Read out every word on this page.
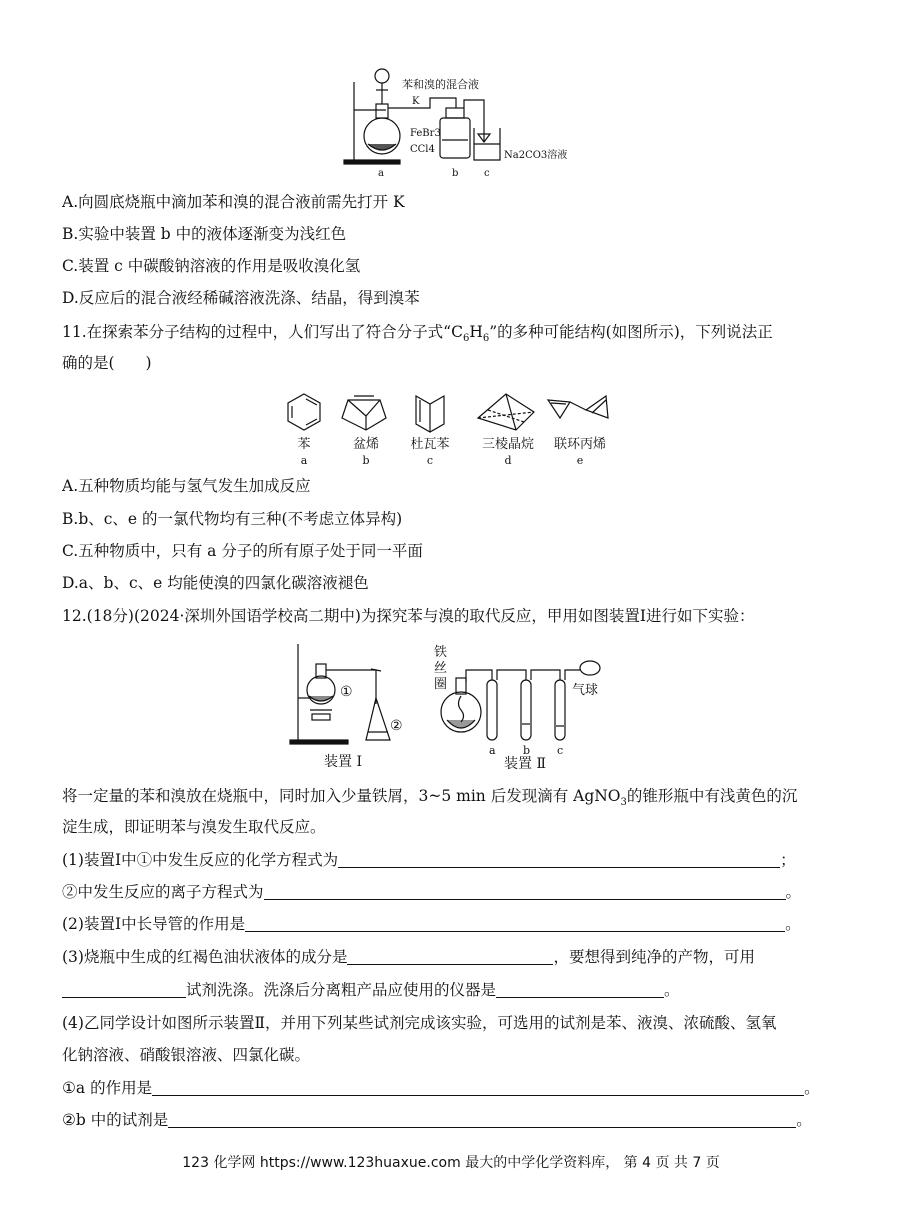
K
苯和溴的混合液
FeBr3
CCl4
Na2CO3溶液
a	b	c
A.向圆底烧瓶中滴加苯和溴的混合液前需先打开 K
B.实验中装置 b 中的液体逐渐变为浅红色
C.装置 c 中碳酸钠溶液的作用是吸收溴化氢
D.反应后的混合液经稀碱溶液洗涤、结晶，得到溴苯
11.在探索苯分子结构的过程中，人们写出了符合分子式“$C_6H_6$”的多种可能结构(如图所示)，下列说法正
确的是(　　)
苯
a
盆烯
b
杜瓦苯
c
三棱晶烷
d
联环丙烯
e
A.五种物质均能与氢气发生加成反应
B.b、c、e 的一氯代物均有三种(不考虑立体异构)
C.五种物质中，只有 a 分子的所有原子处于同一平面
D.a、b、c、e 均能使溴的四氯化碳溶液褪色
12.(18分)(2024·深圳外国语学校高二期中)为探究苯与溴的取代反应，甲用如图装置Ⅰ进行如下实验：
①
②
装置 Ⅰ
铁
丝
圈	气球
a b c
装置 Ⅱ
将一定量的苯和溴放在烧瓶中，同时加入少量铁屑，3~5 min 后发现滴有 AgNO$_3$的锥形瓶中有浅黄色的沉
淀生成，即证明苯与溴发生取代反应。
(1)装置Ⅰ中①中发生反应的化学方程式为	；
②中发生反应的离子方程式为	。
(2)装置Ⅰ中长导管的作用是	。
(3)烧瓶中生成的红褐色油状液体的成分是	，要想得到纯净的产物，可用
试剂洗涤。洗涤后分离粗产品应使用的仪器是	。
(4)乙同学设计如图所示装置Ⅱ，并用下列某些试剂完成该实验，可选用的试剂是苯、液溴、浓硫酸、氢氧
化钠溶液、硝酸银溶液、四氯化碳。
①a 的作用是	。
②b 中的试剂是	。
123 化学网 https://www.123huaxue.com 最大的中学化学资料库， 第 4 页 共 7 页
